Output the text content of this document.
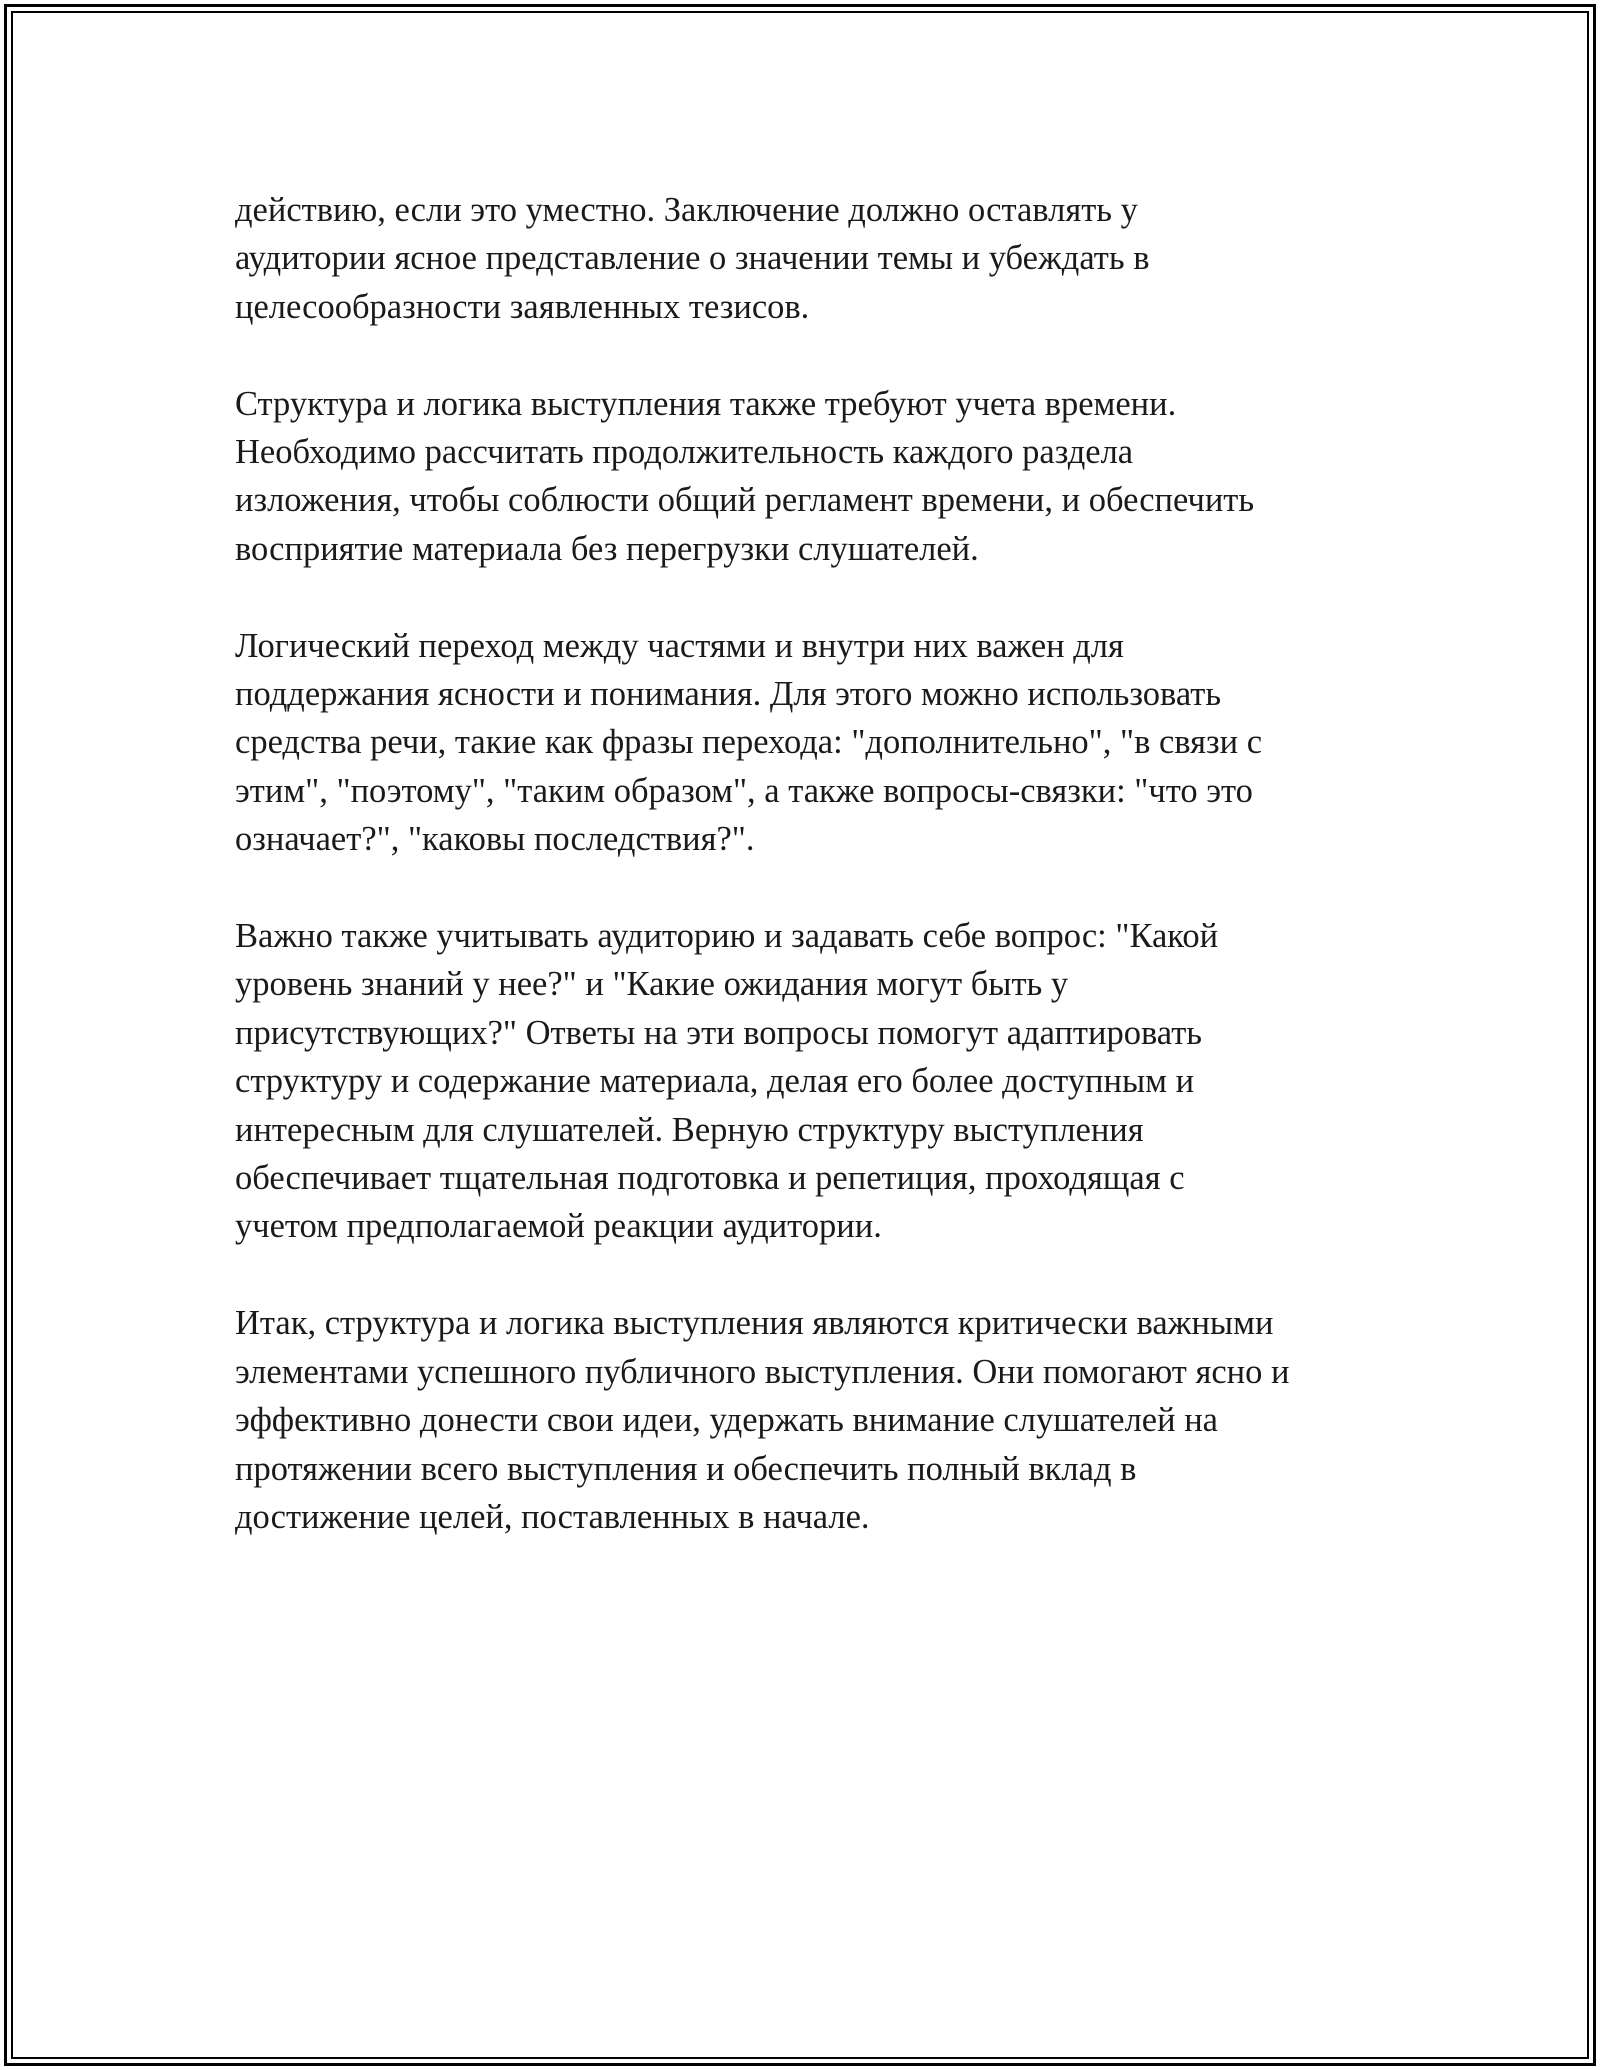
действию, если это уместно. Заключение должно оставлять у
аудитории ясное представление о значении темы и убеждать в
целесообразности заявленных тезисов.

Структура и логика выступления также требуют учета времени.
Необходимо рассчитать продолжительность каждого раздела
изложения, чтобы соблюсти общий регламент времени, и обеспечить
восприятие материала без перегрузки слушателей.

Логический переход между частями и внутри них важен для
поддержания ясности и понимания. Для этого можно использовать
средства речи, такие как фразы перехода: "дополнительно", "в связи с
этим", "поэтому", "таким образом", а также вопросы-связки: "что это
означает?", "каковы последствия?".

Важно также учитывать аудиторию и задавать себе вопрос: "Какой
уровень знаний у нее?" и "Какие ожидания могут быть у
присутствующих?" Ответы на эти вопросы помогут адаптировать
структуру и содержание материала, делая его более доступным и
интересным для слушателей. Верную структуру выступления
обеспечивает тщательная подготовка и репетиция, проходящая с
учетом предполагаемой реакции аудитории.

Итак, структура и логика выступления являются критически важными
элементами успешного публичного выступления. Они помогают ясно и
эффективно донести свои идеи, удержать внимание слушателей на
протяжении всего выступления и обеспечить полный вклад в
достижение целей, поставленных в начале.
